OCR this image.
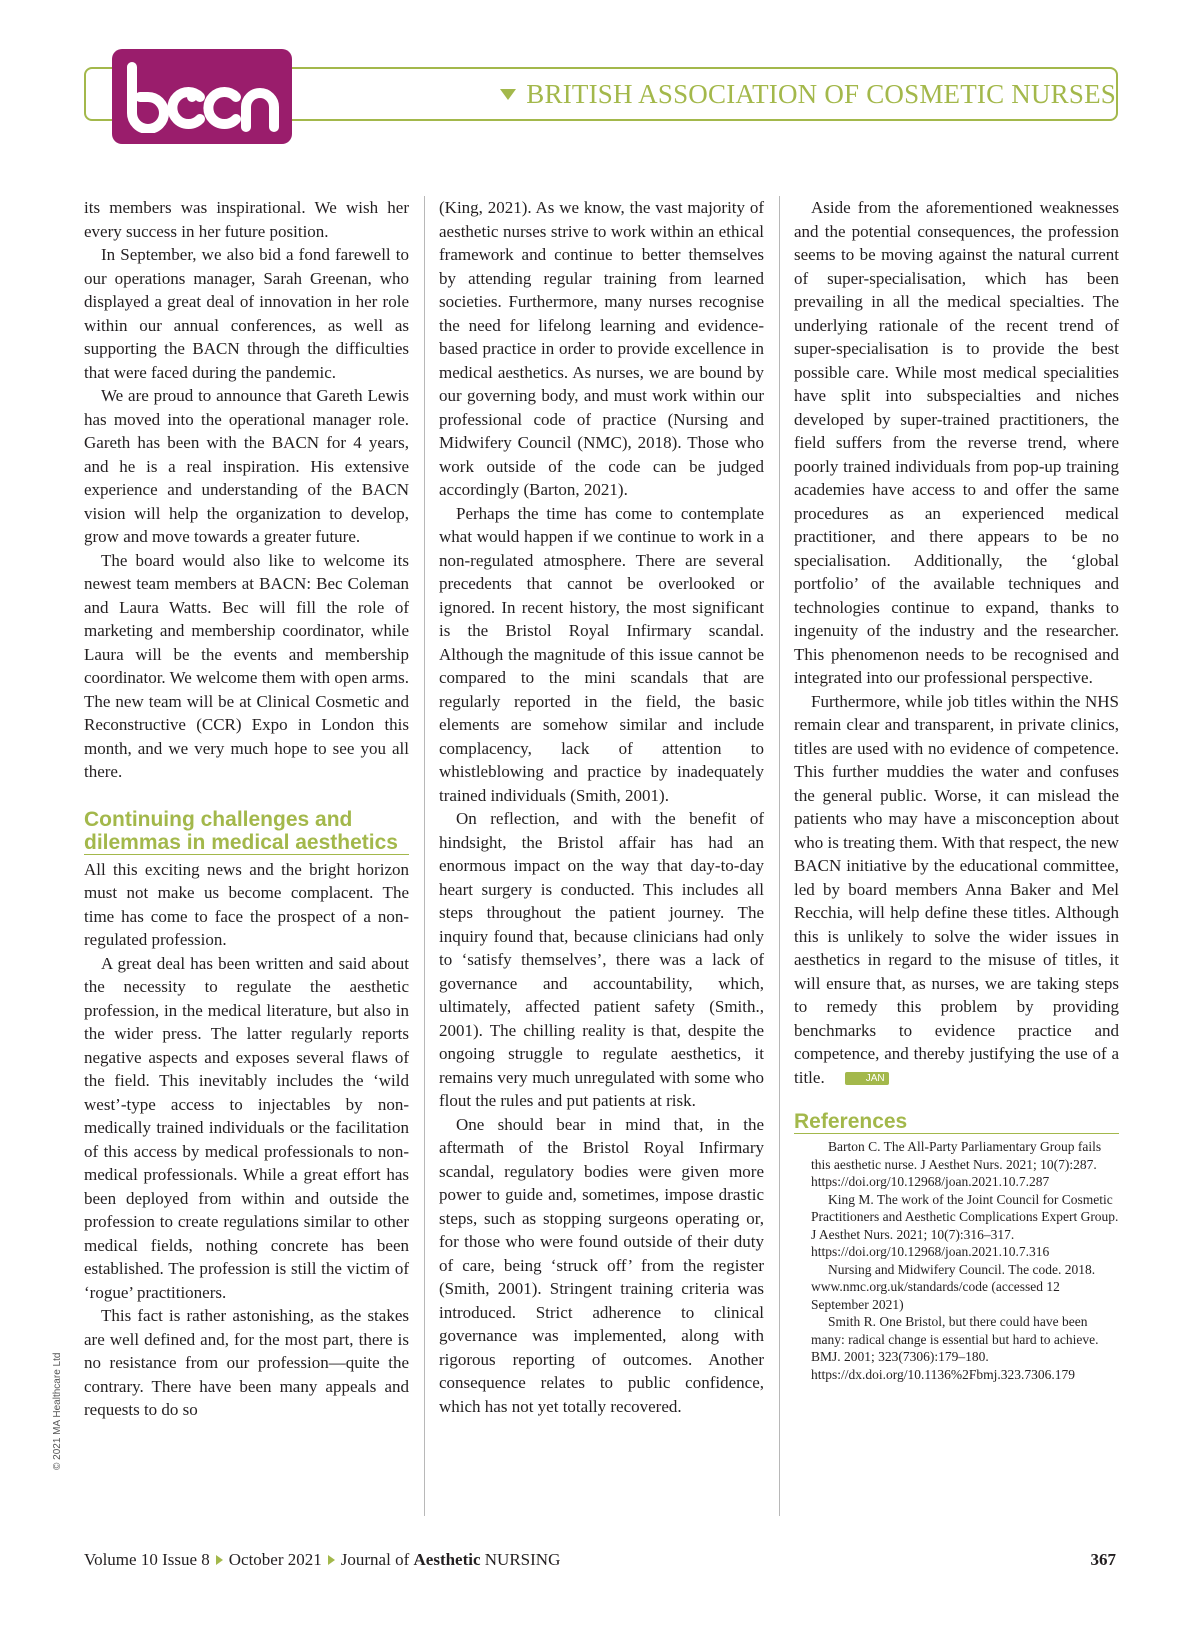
BRITISH ASSOCIATION OF COSMETIC NURSES

its members was inspirational. We wish her every success in her future position.

In September, we also bid a fond farewell to our operations manager, Sarah Greenan, who displayed a great deal of innovation in her role within our annual conferences, as well as supporting the BACN through the difficulties that were faced during the pandemic.

We are proud to announce that Gareth Lewis has moved into the operational manager role. Gareth has been with the BACN for 4 years, and he is a real inspiration. His extensive experience and understanding of the BACN vision will help the organization to develop, grow and move towards a greater future.

The board would also like to welcome its newest team members at BACN: Bec Coleman and Laura Watts. Bec will fill the role of marketing and membership coordinator, while Laura will be the events and membership coordinator. We welcome them with open arms. The new team will be at Clinical Cosmetic and Reconstructive (CCR) Expo in London this month, and we very much hope to see you all there.

Continuing challenges and dilemmas in medical aesthetics

All this exciting news and the bright horizon must not make us become complacent. The time has come to face the prospect of a non-regulated profession.

A great deal has been written and said about the necessity to regulate the aesthetic profession, in the medical literature, but also in the wider press. The latter regularly reports negative aspects and exposes several flaws of the field. This inevitably includes the ‘wild west’-type access to injectables by non-medically trained individuals or the facilitation of this access by medical professionals to non-medical professionals. While a great effort has been deployed from within and outside the profession to create regulations similar to other medical fields, nothing concrete has been established. The profession is still the victim of ‘rogue’ practitioners.

This fact is rather astonishing, as the stakes are well defined and, for the most part, there is no resistance from our profession—quite the contrary. There have been many appeals and requests to do so

(King, 2021). As we know, the vast majority of aesthetic nurses strive to work within an ethical framework and continue to better themselves by attending regular training from learned societies. Furthermore, many nurses recognise the need for lifelong learning and evidence-based practice in order to provide excellence in medical aesthetics. As nurses, we are bound by our governing body, and must work within our professional code of practice (Nursing and Midwifery Council (NMC), 2018). Those who work outside of the code can be judged accordingly (Barton, 2021).

Perhaps the time has come to contemplate what would happen if we continue to work in a non-regulated atmosphere. There are several precedents that cannot be overlooked or ignored. In recent history, the most significant is the Bristol Royal Infirmary scandal. Although the magnitude of this issue cannot be compared to the mini scandals that are regularly reported in the field, the basic elements are somehow similar and include complacency, lack of attention to whistleblowing and practice by inadequately trained individuals (Smith, 2001).

On reflection, and with the benefit of hindsight, the Bristol affair has had an enormous impact on the way that day-to-day heart surgery is conducted. This includes all steps throughout the patient journey. The inquiry found that, because clinicians had only to ‘satisfy themselves’, there was a lack of governance and accountability, which, ultimately, affected patient safety (Smith., 2001). The chilling reality is that, despite the ongoing struggle to regulate aesthetics, it remains very much unregulated with some who flout the rules and put patients at risk.

One should bear in mind that, in the aftermath of the Bristol Royal Infirmary scandal, regulatory bodies were given more power to guide and, sometimes, impose drastic steps, such as stopping surgeons operating or, for those who were found outside of their duty of care, being ‘struck off’ from the register (Smith, 2001). Stringent training criteria was introduced. Strict adherence to clinical governance was implemented, along with rigorous reporting of outcomes. Another consequence relates to public confidence, which has not yet totally recovered.

Aside from the aforementioned weaknesses and the potential consequences, the profession seems to be moving against the natural current of super-specialisation, which has been prevailing in all the medical specialties. The underlying rationale of the recent trend of super-specialisation is to provide the best possible care. While most medical specialities have split into subspecialties and niches developed by super-trained practitioners, the field suffers from the reverse trend, where poorly trained individuals from pop-up training academies have access to and offer the same procedures as an experienced medical practitioner, and there appears to be no specialisation. Additionally, the ‘global portfolio’ of the available techniques and technologies continue to expand, thanks to ingenuity of the industry and the researcher. This phenomenon needs to be recognised and integrated into our professional perspective.

Furthermore, while job titles within the NHS remain clear and transparent, in private clinics, titles are used with no evidence of competence. This further muddies the water and confuses the general public. Worse, it can mislead the patients who may have a misconception about who is treating them. With that respect, the new BACN initiative by the educational committee, led by board members Anna Baker and Mel Recchia, will help define these titles. Although this is unlikely to solve the wider issues in aesthetics in regard to the misuse of titles, it will ensure that, as nurses, we are taking steps to remedy this problem by providing benchmarks to evidence practice and competence, and thereby justifying the use of a title.	JAN

References

Barton C. The All-Party Parliamentary Group fails this aesthetic nurse. J Aesthet Nurs. 2021; 10(7):287. https://doi.org/10.12968/joan.2021.10.7.287

King M. The work of the Joint Council for Cosmetic Practitioners and Aesthetic Complications Expert Group. J Aesthet Nurs. 2021; 10(7):316–317. https://doi.org/10.12968/joan.2021.10.7.316

Nursing and Midwifery Council. The code. 2018. www.nmc.org.uk/standards/code (accessed 12 September 2021)

Smith R. One Bristol, but there could have been many: radical change is essential but hard to achieve. BMJ. 2001; 323(7306):179–180. https://dx.doi.org/10.1136%2Fbmj.323.7306.179

© 2021 MA Healthcare Ltd
Volume 10 Issue 8 October 2021 Journal of Aesthetic NURSING	367
